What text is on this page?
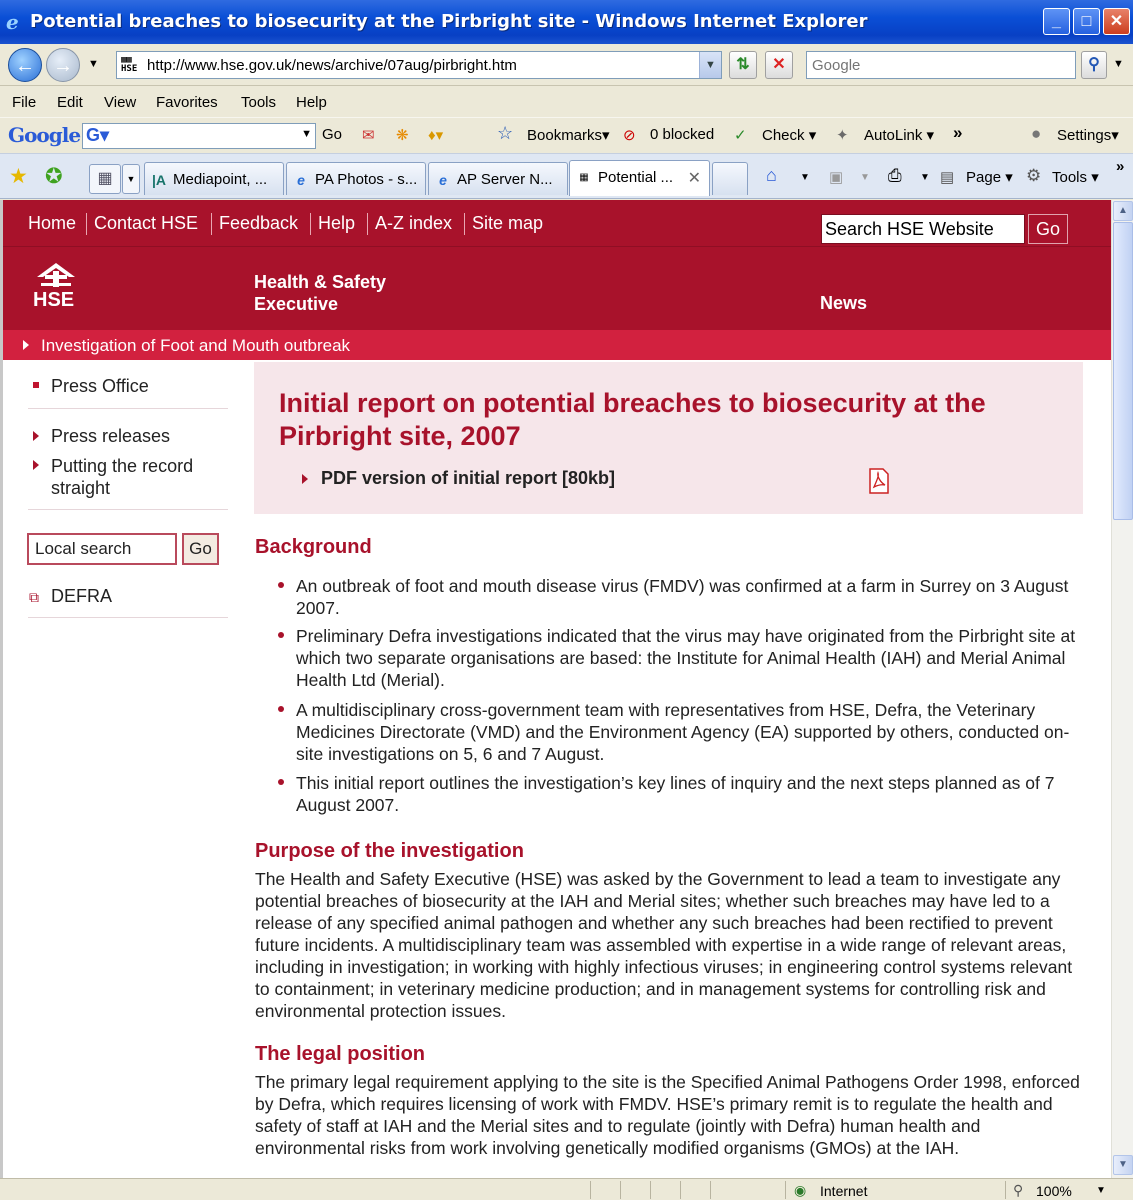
e Potential breaches to biosecurity at the Pirbright site - Windows Internet Explorer	_	□	✕
← →	▼ ▦▦
HSE http://www.hse.gov.uk/news/archive/07aug/pirbright.htm	▼	⇅	✕
Google	⚲	▼
File Edit View Favorites Tools Help
Google G▾	▼ Go ✉ ❋ ♦▾	☆ Bookmarks▾ ⊘ 0 blocked ✓ Check ▾ ✦ AutoLink ▾ »	● Settings▾
★ ✪	▦	▼	|A Mediapoint, ...	e PA Photos - s...	e AP Server N...	▦ Potential ... ✕	⌂ ▼ ▣ ▼ ⎙ ▼ ▤ Page ▾ ⚙ Tools ▾
»
Home Contact HSE Feedback Help A-Z index Site map
Search HSE Website	Go
HSE
Health & Safety
Executive	News
Investigation of Foot and Mouth outbreak
Press Office
Press releases
Putting the record
straight
Local search
Go
⧉ DEFRA
Initial report on potential breaches to biosecurity at the Pirbright site, 2007
PDF version of initial report [80kb]
Background
An outbreak of foot and mouth disease virus (FMDV) was confirmed at a farm in Surrey on 3 August 2007.
Preliminary Defra investigations indicated that the virus may have originated from the Pirbright site at which two separate organisations are based: the Institute for Animal Health (IAH) and Merial Animal Health Ltd (Merial).
A multidisciplinary cross-government team with representatives from HSE, Defra, the Veterinary Medicines Directorate (VMD) and the Environment Agency (EA) supported by others, conducted on-site investigations on 5, 6 and 7 August.
This initial report outlines the investigation’s key lines of inquiry and the next steps planned as of 7 August 2007.
Purpose of the investigation
The Health and Safety Executive (HSE) was asked by the Government to lead a team to investigate any potential breaches of biosecurity at the IAH and Merial sites; whether such breaches may have led to a release of any specified animal pathogen and whether any such breaches had been rectified to prevent future incidents. A multidisciplinary team was assembled with expertise in a wide range of relevant areas, including in investigation; in working with highly infectious viruses; in engineering control systems relevant to containment; in veterinary medicine production; and in management systems for controlling risk and environmental protection issues.
The legal position
The primary legal requirement applying to the site is the Specified Animal Pathogens Order 1998, enforced by Defra, which requires licensing of work with FMDV. HSE’s primary remit is to regulate the health and safety of staff at IAH and the Merial sites and to regulate (jointly with Defra) human health and environmental risks from work involving genetically modified organisms (GMOs) at the IAH.
▲
▼
◉ Internet	⚲ 100% ▼
